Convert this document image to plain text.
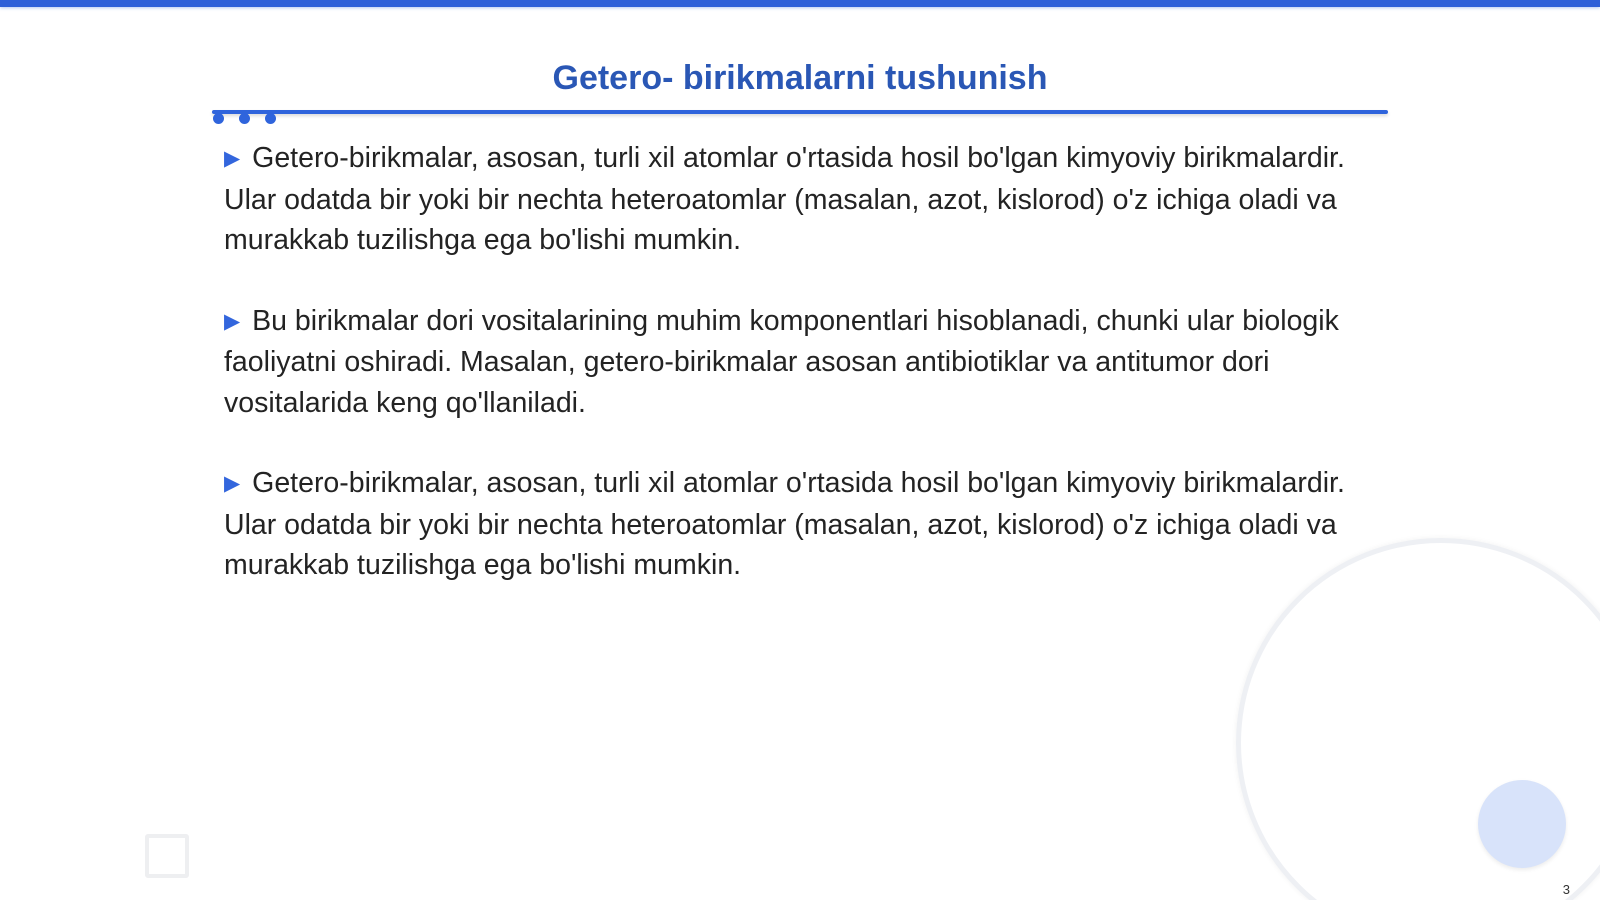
Getero- birikmalarni tushunish

▶ Getero-birikmalar, asosan, turli xil atomlar o'rtasida hosil bo'lgan kimyoviy birikmalardir. Ular odatda bir yoki bir nechta heteroatomlar (masalan, azot, kislorod) o'z ichiga oladi va murakkab tuzilishga ega bo'lishi mumkin.

▶ Bu birikmalar dori vositalarining muhim komponentlari hisoblanadi, chunki ular biologik faoliyatni oshiradi. Masalan, getero-birikmalar asosan antibiotiklar va antitumor dori vositalarida keng qo'llaniladi.

▶ Getero-birikmalar, asosan, turli xil atomlar o'rtasida hosil bo'lgan kimyoviy birikmalardir. Ular odatda bir yoki bir nechta heteroatomlar (masalan, azot, kislorod) o'z ichiga oladi va murakkab tuzilishga ega bo'lishi mumkin.

3
